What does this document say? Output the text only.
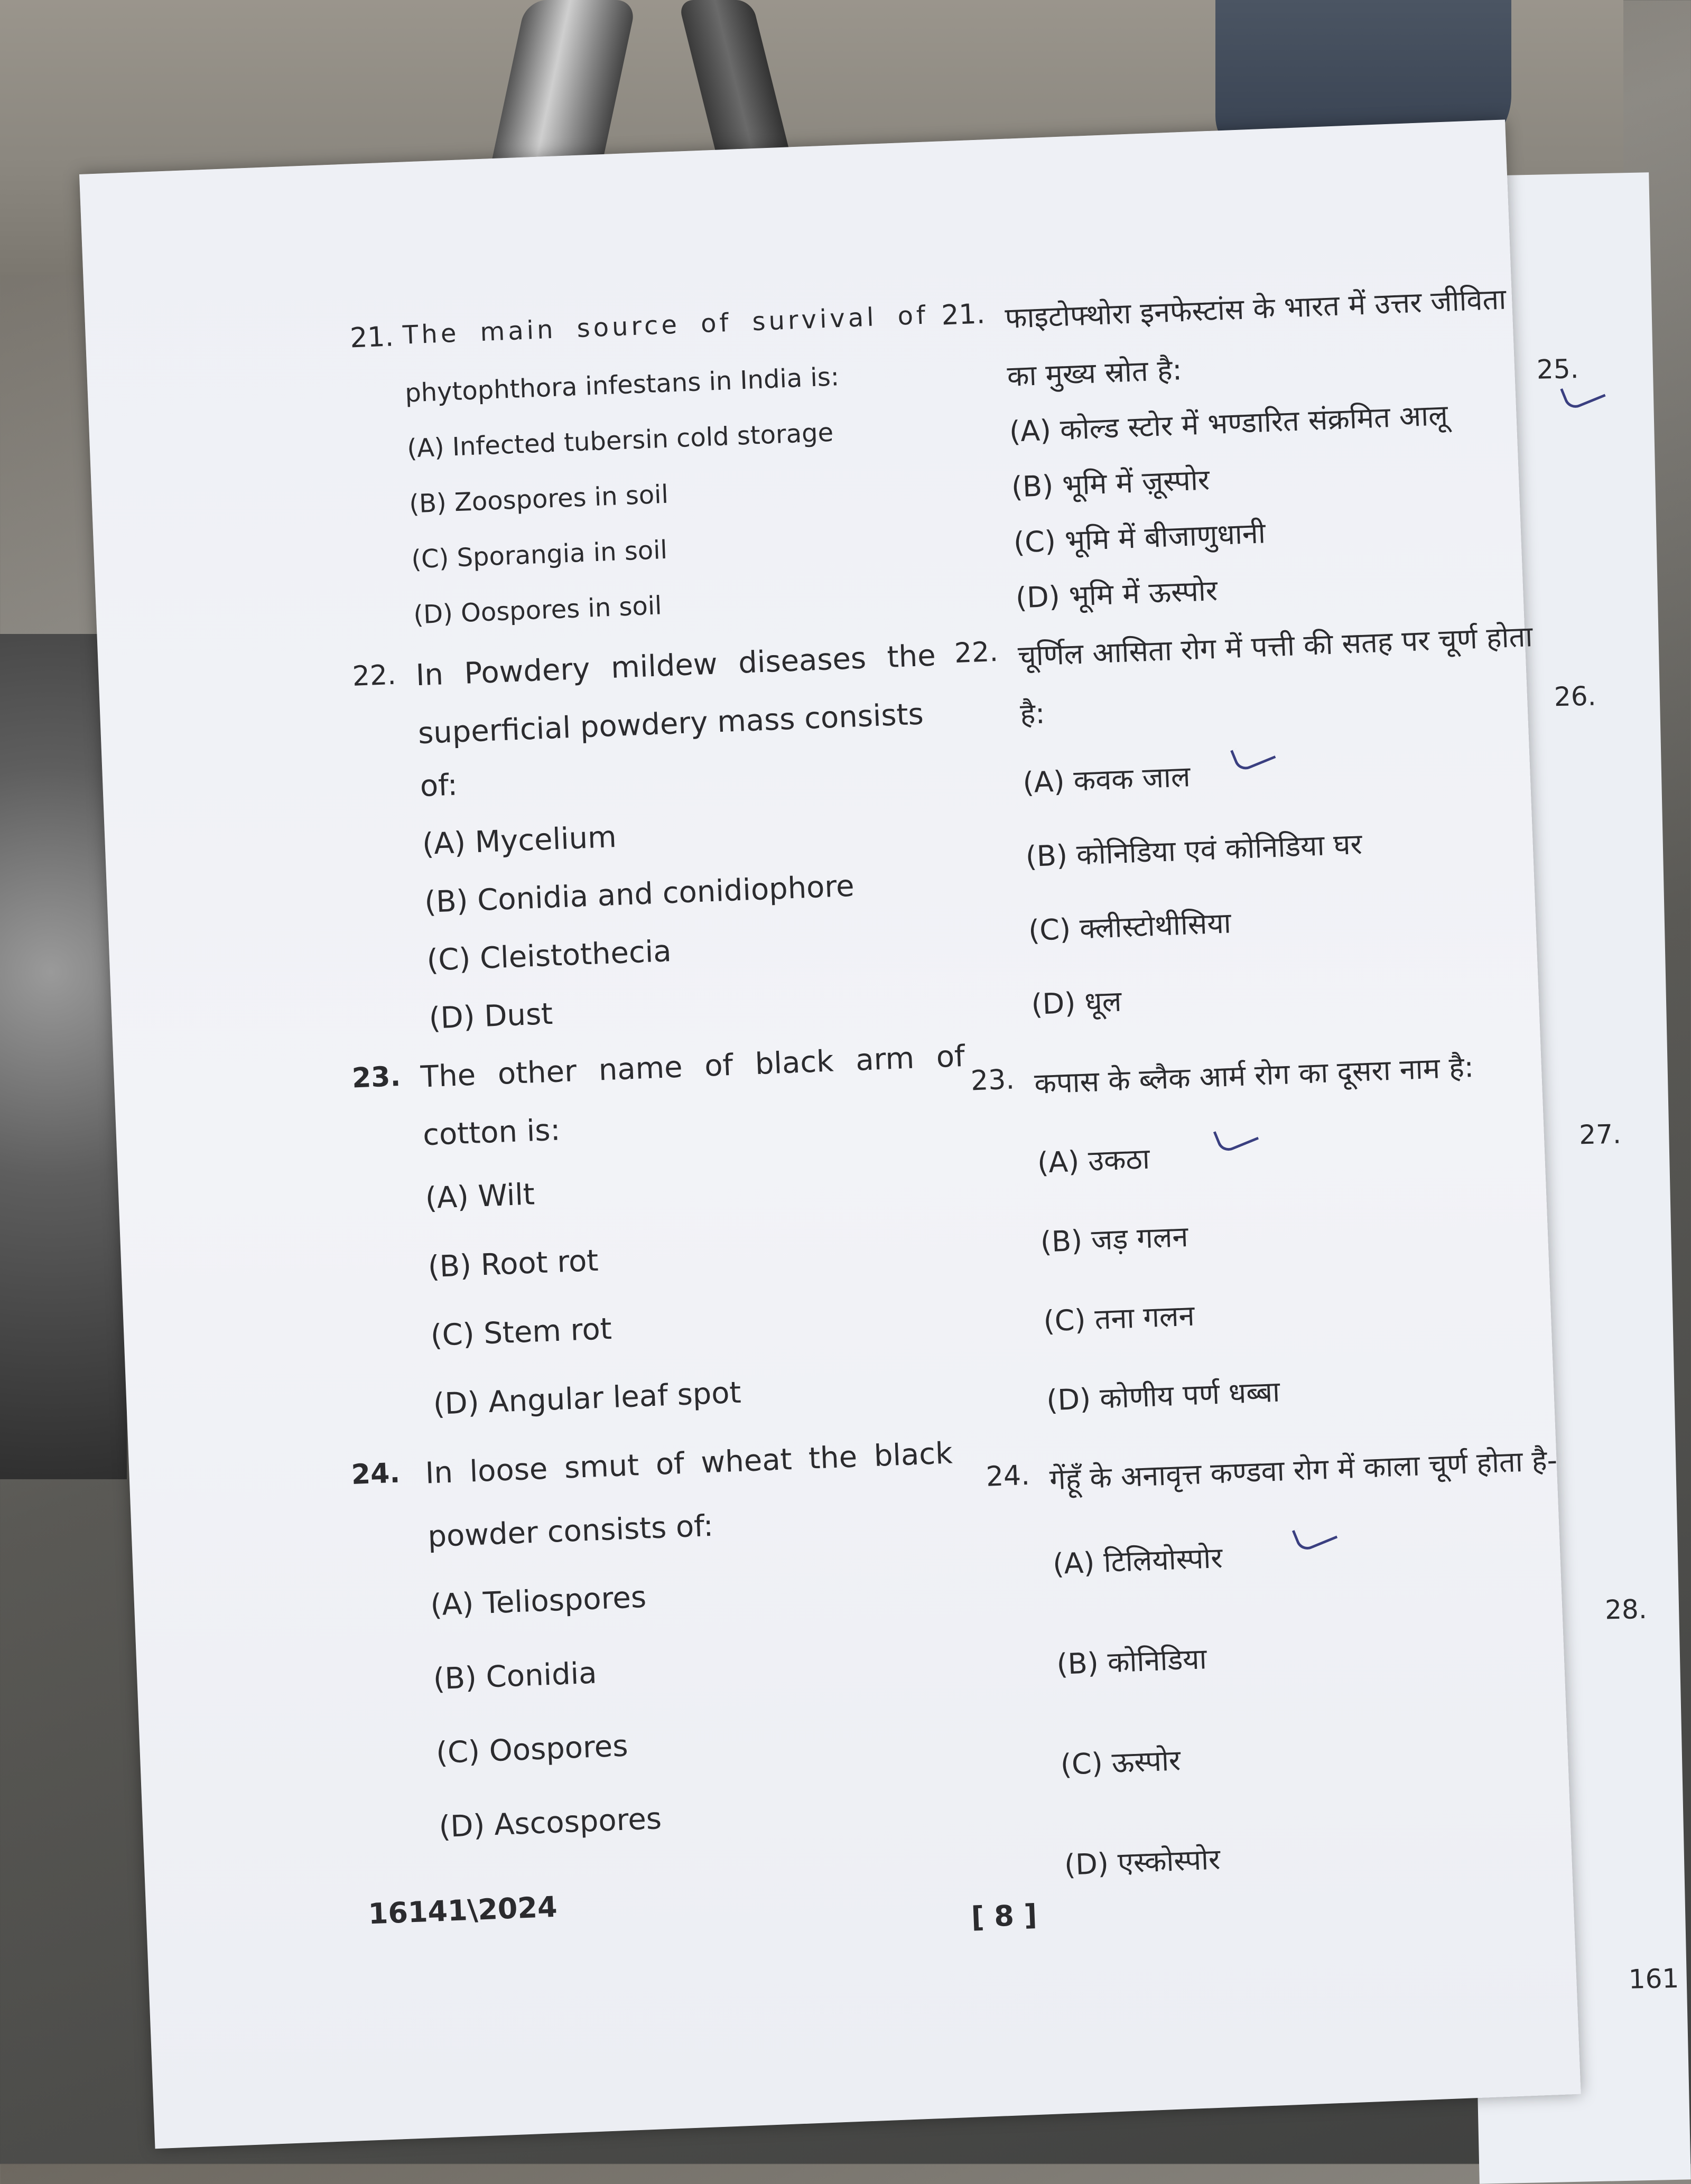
25.
26.
27.
28.
161
21. The main source of survival of
phytophthora infestans in India is:
(A) Infected tubersin cold storage
(B) Zoospores in soil
(C) Sporangia in soil
(D) Oospores in soil
22. In Powdery mildew diseases the
superficial powdery mass consists
of:
(A) Mycelium
(B) Conidia and conidiophore
(C) Cleistothecia
(D) Dust
23. The other name of black arm of
cotton is:
(A) Wilt
(B) Root rot
(C) Stem rot
(D) Angular leaf spot
24. In loose smut of wheat the black
powder consists of:
(A) Teliospores
(B) Conidia
(C) Oospores
(D) Ascospores
16141\2024	[ 8 ]
21. फाइटोफ्थोरा इनफेस्टांस के भारत में उत्तर जीविता
का मुख्य स्रोत है:
(A) कोल्ड स्टोर में भण्डारित संक्रमित आलू
(B) भूमि में ज़ूस्पोर
(C) भूमि में बीजाणुधानी
(D) भूमि में ऊस्पोर
22. चूर्णिल आसिता रोग में पत्ती की सतह पर चूर्ण होता
है:
(A) कवक जाल
(B) कोनिडिया एवं कोनिडिया घर
(C) क्लीस्टोथीसिया
(D) धूल
23. कपास के ब्लैक आर्म रोग का दूसरा नाम है:
(A) उकठा
(B) जड़ गलन
(C) तना गलन
(D) कोणीय पर्ण धब्बा
24. गेंहूँ के अनावृत्त कण्डवा रोग में काला चूर्ण होता है-
(A) टिलियोस्पोर
(B) कोनिडिया
(C) ऊस्पोर
(D) एस्कोस्पोर
